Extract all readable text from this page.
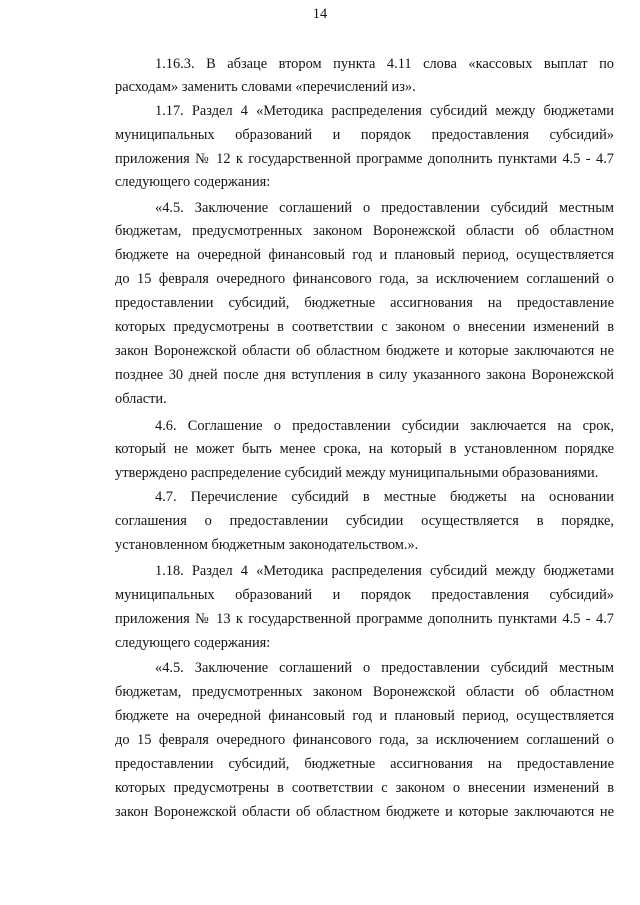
14
1.16.3. В абзаце втором пункта 4.11 слова «кассовых выплат по
расходам» заменить словами «перечислений из».
1.17. Раздел 4 «Методика распределения субсидий между бюджетами
муниципальных образований и порядок предоставления субсидий»
приложения № 12 к государственной программе дополнить пунктами 4.5 - 4.7
следующего содержания:
«4.5. Заключение соглашений о предоставлении субсидий местным
бюджетам, предусмотренных законом Воронежской области об областном
бюджете на очередной финансовый год и плановый период, осуществляется
до 15 февраля очередного финансового года, за исключением соглашений о
предоставлении субсидий, бюджетные ассигнования на предоставление
которых предусмотрены в соответствии с законом о внесении изменений в
закон Воронежской области об областном бюджете и которые заключаются не
позднее 30 дней после дня вступления в силу указанного закона Воронежской
области.
4.6. Соглашение о предоставлении субсидии заключается на срок,
который не может быть менее срока, на который в установленном порядке
утверждено распределение субсидий между муниципальными образованиями.
4.7. Перечисление субсидий в местные бюджеты на основании
соглашения о предоставлении субсидии осуществляется в порядке,
установленном бюджетным законодательством.».
1.18. Раздел 4 «Методика распределения субсидий между бюджетами
муниципальных образований и порядок предоставления субсидий»
приложения № 13 к государственной программе дополнить пунктами 4.5 - 4.7
следующего содержания:
«4.5. Заключение соглашений о предоставлении субсидий местным
бюджетам, предусмотренных законом Воронежской области об областном
бюджете на очередной финансовый год и плановый период, осуществляется
до 15 февраля очередного финансового года, за исключением соглашений о
предоставлении субсидий, бюджетные ассигнования на предоставление
которых предусмотрены в соответствии с законом о внесении изменений в
закон Воронежской области об областном бюджете и которые заключаются не
